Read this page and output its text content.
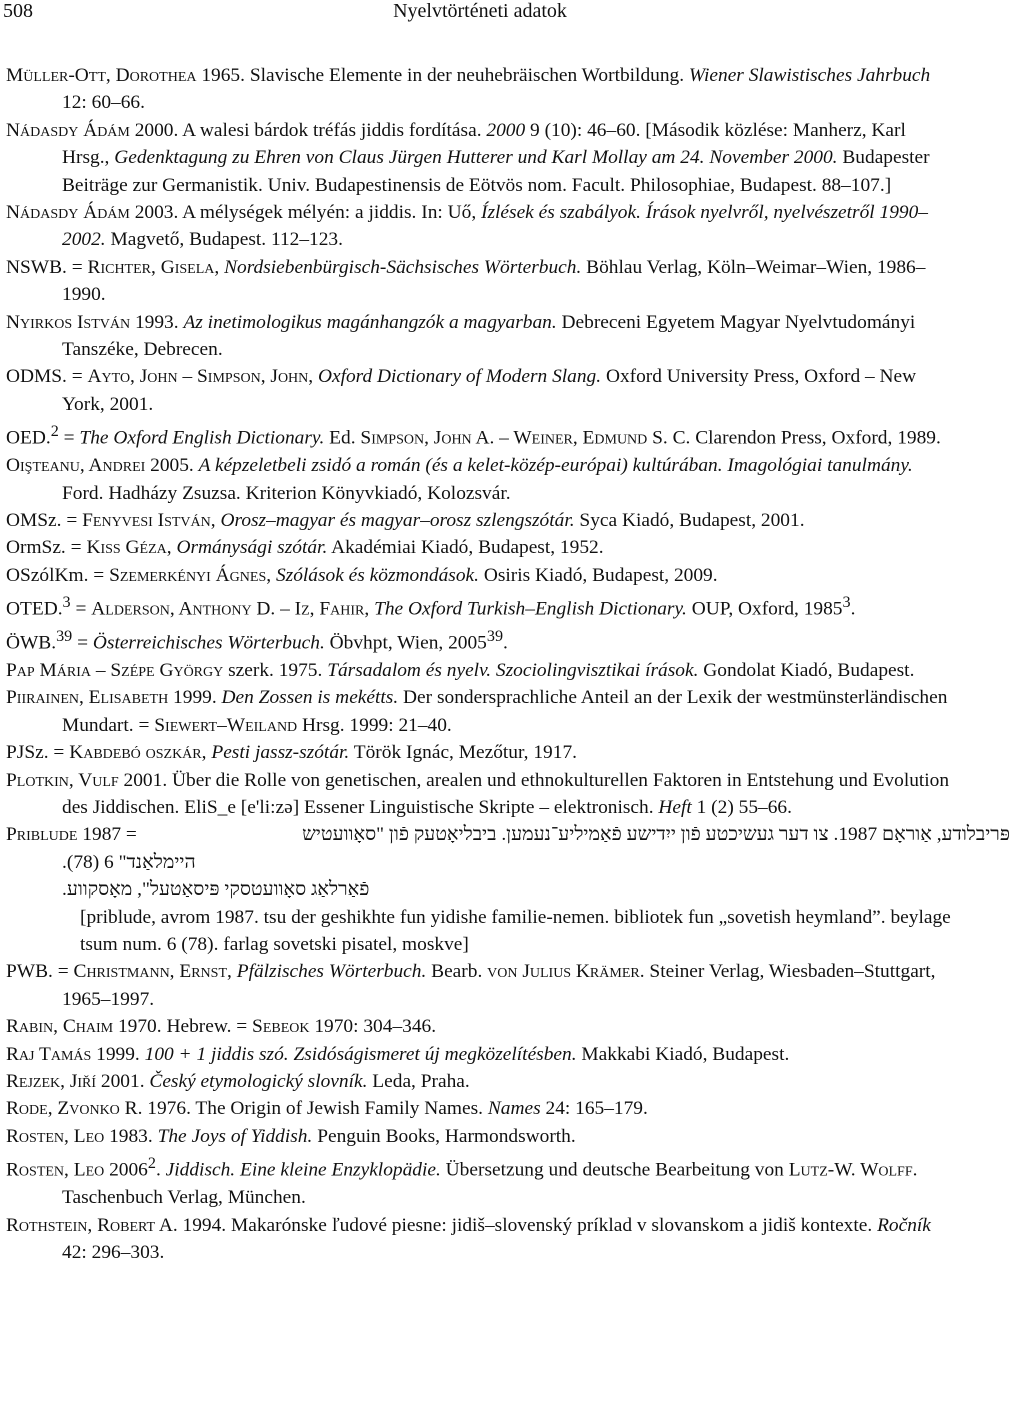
508	Nyelvtörténeti adatok

Müller-Ott, Dorothea 1965. Slavische Elemente in der neuhebräischen Wortbildung. Wiener Slawistisches Jahrbuch 12: 60–66.

Nádasdy Ádám 2000. A walesi bárdok tréfás jiddis fordítása. 2000 9 (10): 46–60. [Második közlése: Manherz, Karl Hrsg., Gedenktagung zu Ehren von Claus Jürgen Hutterer und Karl Mollay am 24. November 2000. Budapester Beiträge zur Germanistik. Univ. Budapestinensis de Eötvös nom. Facult. Philosophiae, Budapest. 88–107.]

Nádasdy Ádám 2003. A mélységek mélyén: a jiddis. In: Uő, Ízlések és szabályok. Írások nyelvről, nyelvészetről 1990–2002. Magvető, Budapest. 112–123.

NSWB. = Richter, Gisela, Nordsiebenbürgisch-Sächsisches Wörterbuch. Böhlau Verlag, Köln–Weimar–Wien, 1986–1990.

Nyirkos István 1993. Az inetimologikus magánhangzók a magyarban. Debreceni Egyetem Magyar Nyelvtudományi Tanszéke, Debrecen.

ODMS. = Ayto, John – Simpson, John, Oxford Dictionary of Modern Slang. Oxford University Press, Oxford – New York, 2001.

OED.$^2$ = The Oxford English Dictionary. Ed. Simpson, John A. – Weiner, Edmund S. C. Clarendon Press, Oxford, 1989.

Oişteanu, Andrei 2005. A képzeletbeli zsidó a román (és a kelet-közép-európai) kultúrában. Imagológiai tanulmány. Ford. Hadházy Zsuzsa. Kriterion Könyvkiadó, Kolozsvár.

OMSz. = Fenyvesi István, Orosz–magyar és magyar–orosz szlengszótár. Syca Kiadó, Budapest, 2001.

OrmSz. = Kiss Géza, Ormánysági szótár. Akadémiai Kiadó, Budapest, 1952.

OSzólKm. = Szemerkényi Ágnes, Szólások és közmondások. Osiris Kiadó, Budapest, 2009.

OTED.$^3$ = Alderson, Anthony D. – Iz, Fahir, The Oxford Turkish–English Dictionary. OUP, Oxford, 1985$^3$.

ÖWB.$^{39}$ = Österreichisches Wörterbuch. Öbvhpt, Wien, 2005$^{39}$.

Pap Mária – Szépe György szerk. 1975. Társadalom és nyelv. Szociolingvisztikai írások. Gondolat Kiadó, Budapest.

Piirainen, Elisabeth 1999. Den Zossen is mekétts. Der sondersprachliche Anteil an der Lexik der westmünsterländischen Mundart. = Siewert–Weiland Hrsg. 1999: 21–40.

PJSz. = Kabdebó oszkár, Pesti jassz-szótár. Török Ignác, Mezőtur, 1917.

Plotkin, Vulf 2001. Über die Rolle von genetischen, arealen und ethnokulturellen Faktoren in Entstehung und Evolution des Jiddischen. EliS_e [e'li:zə] Essener Linguistische Skripte – elektronisch. Heft 1 (2) 55–66.

Priblude 1987 =	פּריבלודע, אַוראָם 1987. צו דער געשיכטע פֿון ייִדישע פֿאַמיליע־נעמען. ביבליאָטעק פֿון "סאָוועטיש
היימלאַנד" 6 (78).
פֿאַרלאַג סאָוועטסקי פּיסאַטעל", מאָסקווע.

[priblude, avrom 1987. tsu der geshikhte fun yidishe familie-nemen. bibliotek fun „sovetish heymland”. beylage tsum num. 6 (78). farlag sovetski pisatel, moskve]

PWB. = Christmann, Ernst, Pfälzisches Wörterbuch. Bearb. von Julius Krämer. Steiner Verlag, Wiesbaden–Stuttgart, 1965–1997.

Rabin, Chaim 1970. Hebrew. = Sebeok 1970: 304–346.

Raj Tamás 1999. 100 + 1 jiddis szó. Zsidóságismeret új megközelítésben. Makkabi Kiadó, Budapest.

Rejzek, Jiří 2001. Český etymologický slovník. Leda, Praha.

Rode, Zvonko R. 1976. The Origin of Jewish Family Names. Names 24: 165–179.

Rosten, Leo 1983. The Joys of Yiddish. Penguin Books, Harmondsworth.

Rosten, Leo 2006$^2$. Jiddisch. Eine kleine Enzyklopädie. Übersetzung und deutsche Bearbeitung von Lutz-W. Wolff. Taschenbuch Verlag, München.

Rothstein, Robert A. 1994. Makarónske ľudové piesne: jidiš–slovenský príklad v slovanskom a jidiš kontexte. Ročník 42: 296–303.
